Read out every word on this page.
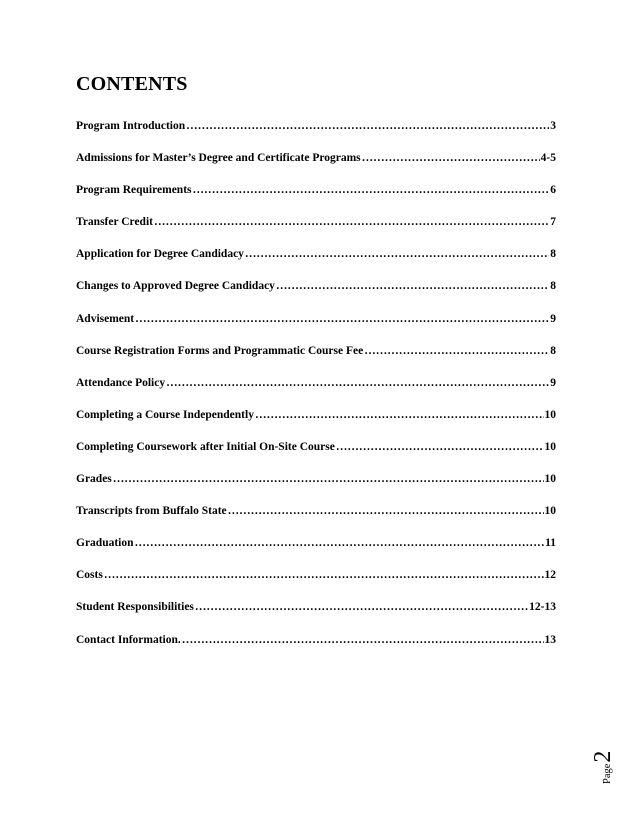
CONTENTS
Program Introduction …………………………………………………………………………………………………………………………………………………	3
Admissions for Master’s Degree and Certificate Programs …………………………………………………………………………………………………………………………………………………	4-5
Program Requirements …………………………………………………………………………………………………………………………………………………	6
Transfer Credit …………………………………………………………………………………………………………………………………………………	7
Application for Degree Candidacy …………………………………………………………………………………………………………………………………………………	8
Changes to Approved Degree Candidacy …………………………………………………………………………………………………………………………………………………	8
Advisement …………………………………………………………………………………………………………………………………………………	9
Course Registration Forms and Programmatic Course Fee …………………………………………………………………………………………………………………………………………………	8
Attendance Policy …………………………………………………………………………………………………………………………………………………	9
Completing a Course Independently …………………………………………………………………………………………………………………………………………………	10
Completing Coursework after Initial On-Site Course …………………………………………………………………………………………………………………………………………………	10
Grades …………………………………………………………………………………………………………………………………………………	10
Transcripts from Buffalo State …………………………………………………………………………………………………………………………………………………	10
Graduation …………………………………………………………………………………………………………………………………………………	11
Costs …………………………………………………………………………………………………………………………………………………	12
Student Responsibilities …………………………………………………………………………………………………………………………………………………	12-13
Contact Information. …………………………………………………………………………………………………………………………………………………	13
Page
2
